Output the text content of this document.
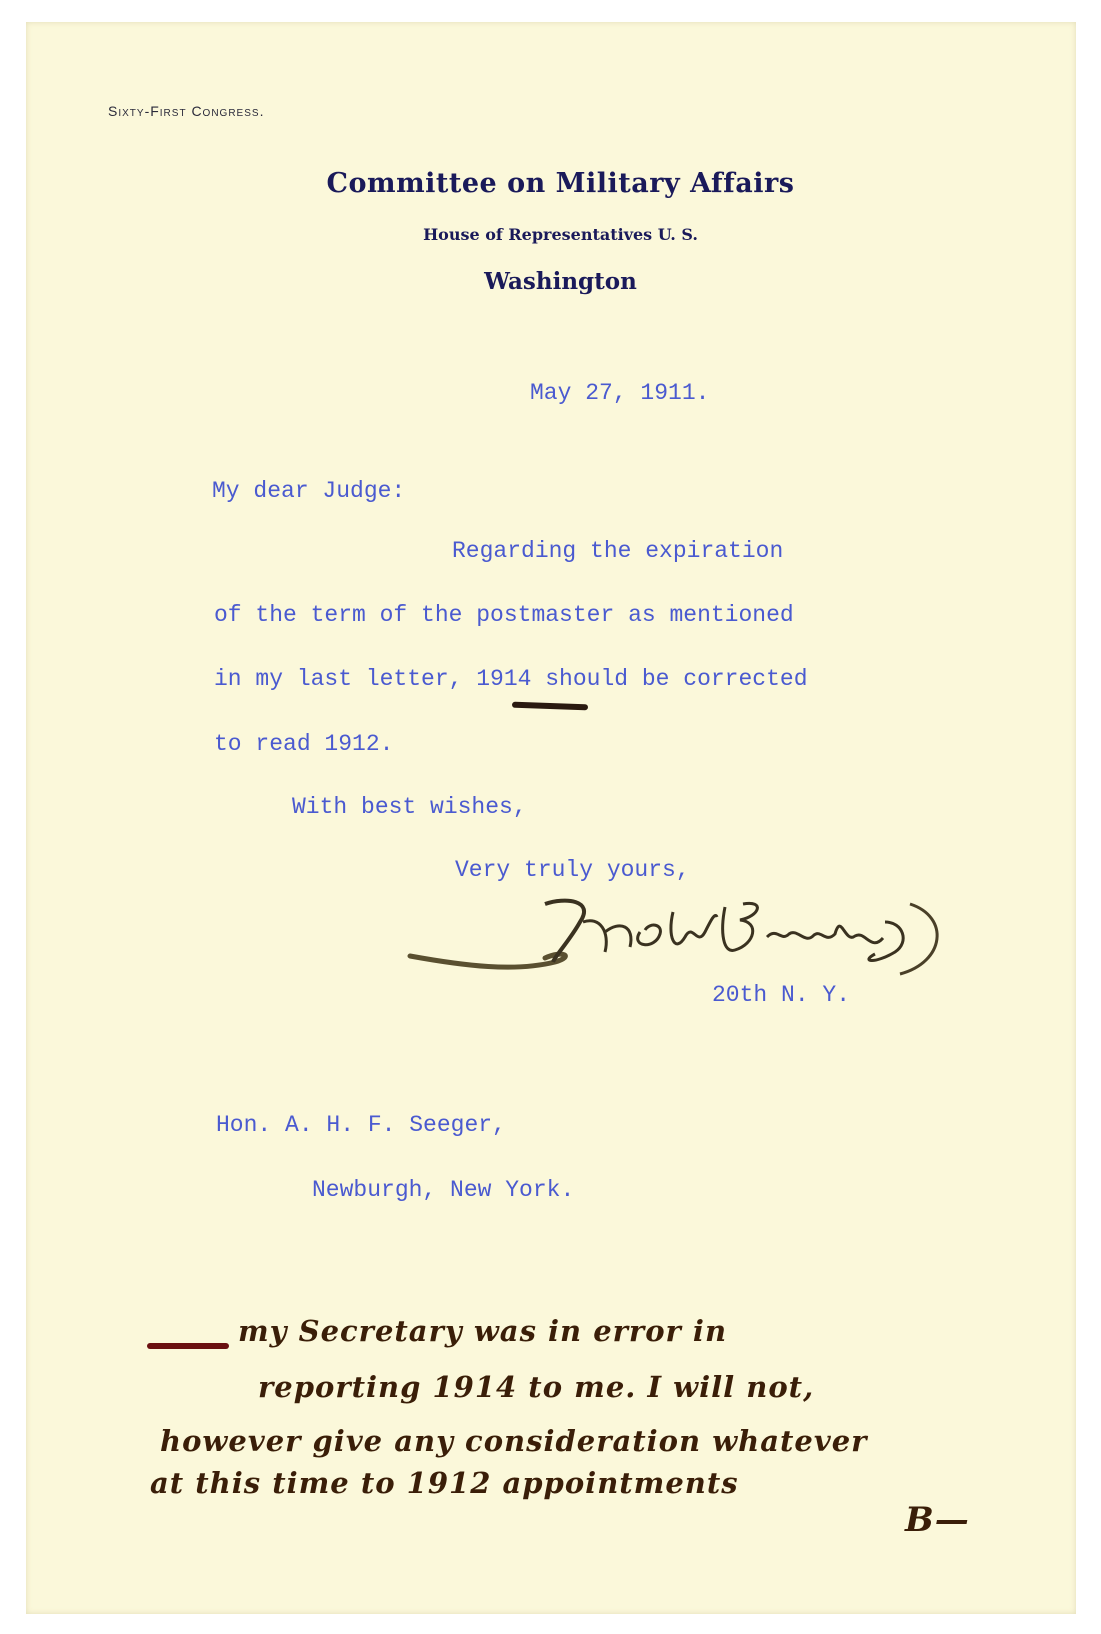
Sixty-First Congress.
Committee on Military Affairs
House of Representatives U. S.
Washington
May 27, 1911.
My dear Judge:
Regarding the expiration
of the term of the postmaster as mentioned
in my last letter, 1914 should be corrected
to read 1912.
With best wishes,
Very truly yours,
20th N. Y.
Hon. A. H. F. Seeger,
Newburgh, New York.
my Secretary was in error in
reporting 1914 to me. I will not,
however give any consideration whatever
at this time to 1912 appointments
B—
